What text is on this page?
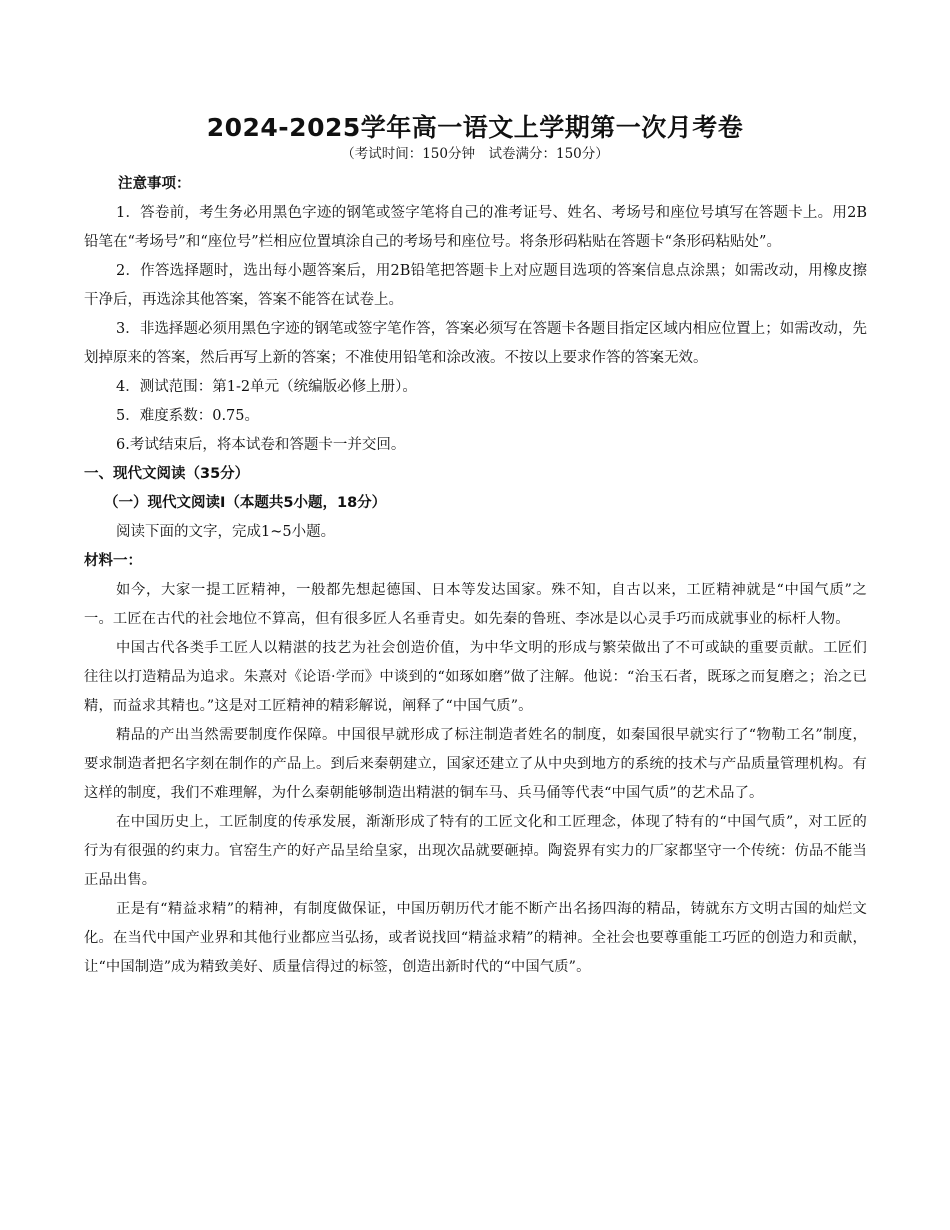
2024-2025学年高一语文上学期第一次月考卷
（考试时间：150分钟　试卷满分：150分）

注意事项：

1．答卷前，考生务必用黑色字迹的钢笔或签字笔将自己的准考证号、姓名、考场号和座位号填写在答题卡上。用2B铅笔在“考场号”和“座位号”栏相应位置填涂自己的考场号和座位号。将条形码粘贴在答题卡“条形码粘贴处”。

2．作答选择题时，选出每小题答案后，用2B铅笔把答题卡上对应题目选项的答案信息点涂黑；如需改动，用橡皮擦干净后，再选涂其他答案，答案不能答在试卷上。

3．非选择题必须用黑色字迹的钢笔或签字笔作答，答案必须写在答题卡各题目指定区域内相应位置上；如需改动，先划掉原来的答案，然后再写上新的答案；不准使用铅笔和涂改液。不按以上要求作答的答案无效。

4．测试范围：第1-2单元（统编版必修上册）。

5．难度系数：0.75。

6.考试结束后，将本试卷和答题卡一并交回。

一、现代文阅读（35分）

（一）现代文阅读Ⅰ（本题共5小题，18分）

阅读下面的文字，完成1~5小题。

材料一：

如今，大家一提工匠精神，一般都先想起德国、日本等发达国家。殊不知，自古以来，工匠精神就是“中国气质”之一。工匠在古代的社会地位不算高，但有很多匠人名垂青史。如先秦的鲁班、李冰是以心灵手巧而成就事业的标杆人物。

中国古代各类手工匠人以精湛的技艺为社会创造价值，为中华文明的形成与繁荣做出了不可或缺的重要贡献。工匠们往往以打造精品为追求。朱熹对《论语·学而》中谈到的“如琢如磨”做了注解。他说：“治玉石者，既琢之而复磨之；治之已精，而益求其精也。”这是对工匠精神的精彩解说，阐释了“中国气质”。

精品的产出当然需要制度作保障。中国很早就形成了标注制造者姓名的制度，如秦国很早就实行了“物勒工名”制度，要求制造者把名字刻在制作的产品上。到后来秦朝建立，国家还建立了从中央到地方的系统的技术与产品质量管理机构。有这样的制度，我们不难理解，为什么秦朝能够制造出精湛的铜车马、兵马俑等代表“中国气质”的艺术品了。

在中国历史上，工匠制度的传承发展，渐渐形成了特有的工匠文化和工匠理念，体现了特有的“中国气质”，对工匠的行为有很强的约束力。官窑生产的好产品呈给皇家，出现次品就要砸掉。陶瓷界有实力的厂家都坚守一个传统：仿品不能当正品出售。

正是有“精益求精”的精神，有制度做保证，中国历朝历代才能不断产出名扬四海的精品，铸就东方文明古国的灿烂文化。在当代中国产业界和其他行业都应当弘扬，或者说找回“精益求精”的精神。全社会也要尊重能工巧匠的创造力和贡献，让“中国制造”成为精致美好、质量信得过的标签，创造出新时代的“中国气质”。
